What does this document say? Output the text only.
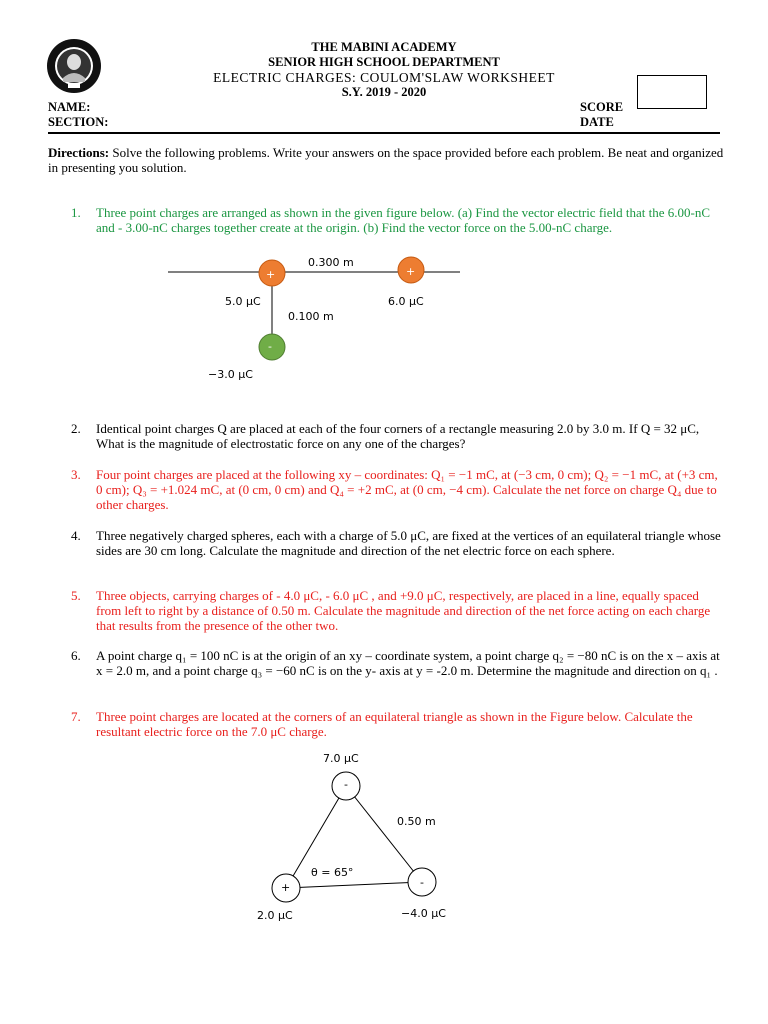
THE MABINI ACADEMY
SENIOR HIGH SCHOOL DEPARTMENT
ELECTRIC CHARGES: COULOM'SLAW WORKSHEET
S.Y. 2019 - 2020
NAME:
SECTION:
SCORE
DATE
Directions: Solve the following problems. Write your answers on the space provided before each problem. Be neat and organized in presenting you solution.
1. Three point charges are arranged as shown in the given figure below. (a) Find the vector electric field that the 6.00-nC and - 3.00-nC charges together create at the origin. (b) Find the vector force on the 5.00-nC charge.
+	+
-
0.300 m
5.0 μC	6.0 μC
0.100 m
−3.0 μC
2. Identical point charges Q are placed at each of the four corners of a rectangle measuring 2.0 by 3.0 m. If Q = 32 μC, What is the magnitude of electrostatic force on any one of the charges?
3. Four point charges are placed at the following xy – coordinates: Q₁ = −1 mC, at (−3 cm, 0 cm); Q₂ = −1 mC, at (+3 cm, 0 cm); Q₃ = +1.024 mC, at (0 cm, 0 cm) and Q₄ = +2 mC, at (0 cm, −4 cm). Calculate the net force on charge Q₄ due to other charges.
4. Three negatively charged spheres, each with a charge of 5.0 μC, are fixed at the vertices of an equilateral triangle whose sides are 30 cm long. Calculate the magnitude and direction of the net electric force on each sphere.
5. Three objects, carrying charges of - 4.0 μC, - 6.0 μC , and +9.0 μC, respectively, are placed in a line, equally spaced from left to right by a distance of 0.50 m. Calculate the magnitude and direction of the net force acting on each charge that results from the presence of the other two.
6. A point charge q₁ = 100 nC is at the origin of an xy – coordinate system, a point charge q₂ = −80 nC is on the x – axis at x = 2.0 m, and a point charge q₃ = −60 nC is on the y- axis at y = -2.0 m. Determine the magnitude and direction on q₁ .
7. Three point charges are located at the corners of an equilateral triangle as shown in the Figure below. Calculate the resultant electric force on the 7.0 μC charge.
-
+	-
7.0 μC
0.50 m
θ = 65°
2.0 μC	−4.0 μC
